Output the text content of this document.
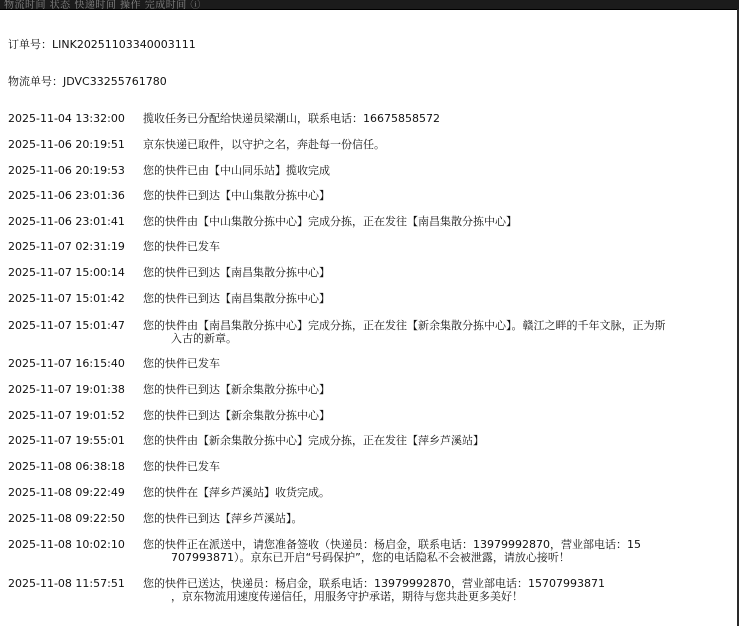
物流时间 状态 快递时间 操作 完成时间 ⓘ
订单号：LINK20251103340003111
物流单号：JDVC33255761780
2025-11-04 13:32:00 揽收任务已分配给快递员梁潮山，联系电话：16675858572
2025-11-06 20:19:51 京东快递已取件，以守护之名，奔赴每一份信任。
2025-11-06 20:19:53 您的快件已由【中山同乐站】揽收完成
2025-11-06 23:01:36 您的快件已到达【中山集散分拣中心】
2025-11-06 23:01:41 您的快件由【中山集散分拣中心】完成分拣，正在发往【南昌集散分拣中心】
2025-11-07 02:31:19 您的快件已发车
2025-11-07 15:00:14 您的快件已到达【南昌集散分拣中心】
2025-11-07 15:01:42 您的快件已到达【南昌集散分拣中心】
2025-11-07 15:01:47 您的快件由【南昌集散分拣中心】完成分拣，正在发往【新余集散分拣中心】。赣江之畔的千年文脉，正为斯
入古的新章。
2025-11-07 16:15:40 您的快件已发车
2025-11-07 19:01:38 您的快件已到达【新余集散分拣中心】
2025-11-07 19:01:52 您的快件已到达【新余集散分拣中心】
2025-11-07 19:55:01 您的快件由【新余集散分拣中心】完成分拣，正在发往【萍乡芦溪站】
2025-11-08 06:38:18 您的快件已发车
2025-11-08 09:22:49 您的快件在【萍乡芦溪站】收货完成。
2025-11-08 09:22:50 您的快件已到达【萍乡芦溪站】。
2025-11-08 10:02:10 您的快件正在派送中，请您准备签收（快递员：杨启金，联系电话：13979992870，营业部电话：15
707993871）。京东已开启“号码保护”，您的电话隐私不会被泄露，请放心接听！
2025-11-08 11:57:51 您的快件已送达，快递员：杨启金，联系电话：13979992870，营业部电话：15707993871
，京东物流用速度传递信任，用服务守护承诺，期待与您共赴更多美好！
